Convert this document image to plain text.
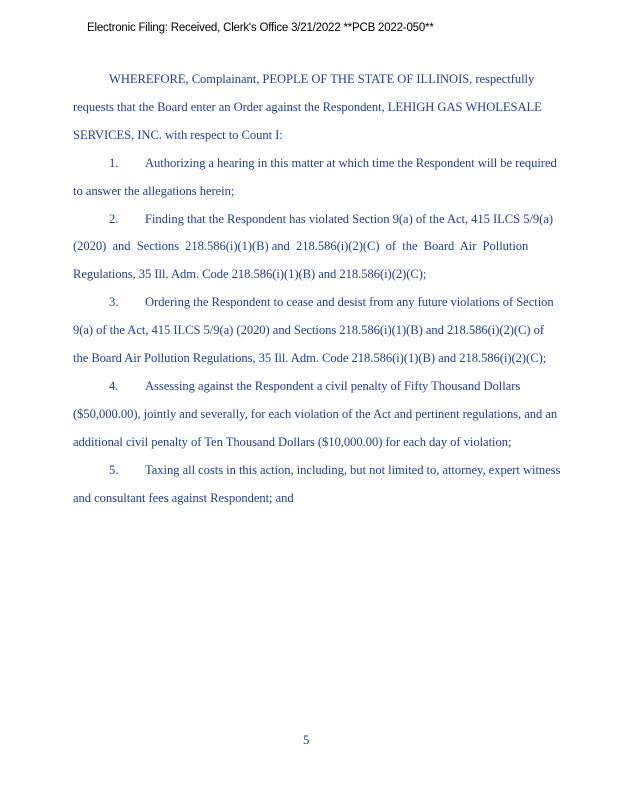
Electronic Filing: Received, Clerk's Office 3/21/2022 **PCB 2022-050**
WHEREFORE, Complainant, PEOPLE OF THE STATE OF ILLINOIS, respectfully
requests that the Board enter an Order against the Respondent, LEHIGH GAS WHOLESALE
SERVICES, INC. with respect to Count I:
1. Authorizing a hearing in this matter at which time the Respondent will be required
to answer the allegations herein;
2. Finding that the Respondent has violated Section 9(a) of the Act, 415 ILCS 5/9(a)
(2020)  and  Sections  218.586(i)(1)(B) and  218.586(i)(2)(C)  of  the  Board  Air  Pollution
Regulations, 35 Ill. Adm. Code 218.586(i)(1)(B) and 218.586(i)(2)(C);
3. Ordering the Respondent to cease and desist from any future violations of Section
9(a) of the Act, 415 ILCS 5/9(a) (2020) and Sections 218.586(i)(1)(B) and 218.586(i)(2)(C) of
the Board Air Pollution Regulations, 35 Ill. Adm. Code 218.586(i)(1)(B) and 218.586(i)(2)(C);
4. Assessing against the Respondent a civil penalty of Fifty Thousand Dollars
($50,000.00), jointly and severally, for each violation of the Act and pertinent regulations, and an
additional civil penalty of Ten Thousand Dollars ($10,000.00) for each day of violation;
5. Taxing all costs in this action, including, but not limited to, attorney, expert witness
and consultant fees against Respondent; and
5
